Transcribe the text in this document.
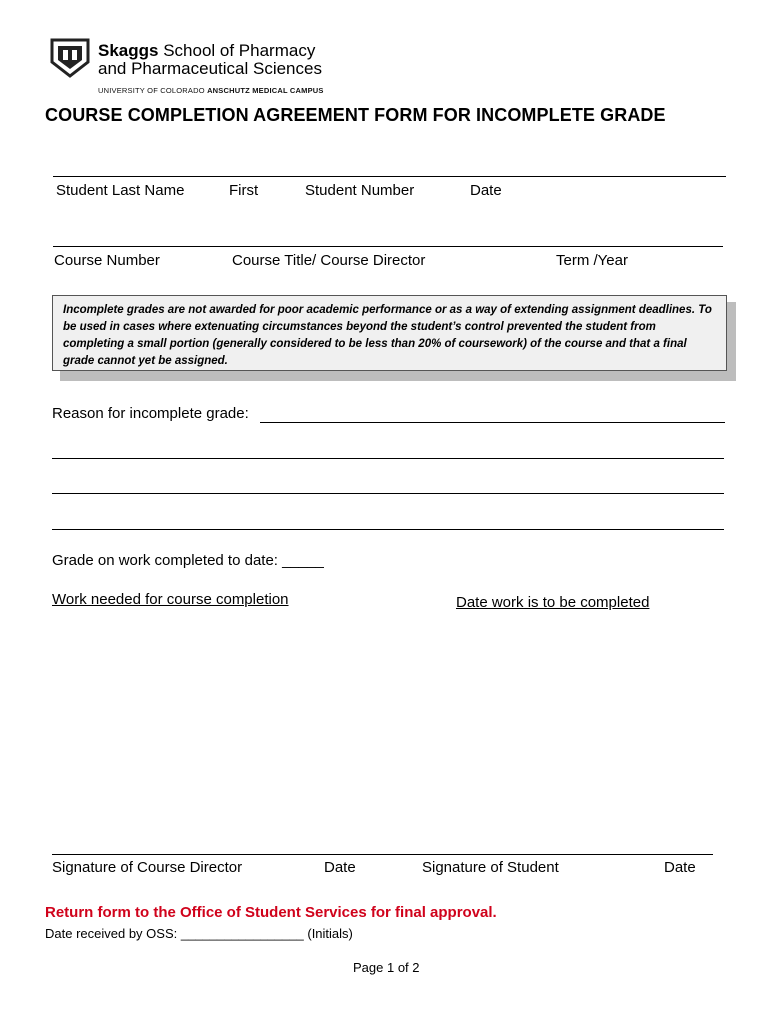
Skaggs School of Pharmacy
and Pharmaceutical Sciences
UNIVERSITY OF COLORADO ANSCHUTZ MEDICAL CAMPUS
COURSE COMPLETION AGREEMENT FORM FOR INCOMPLETE GRADE
Student Last Name	First	Student Number	Date
Course Number	Course Title/ Course Director	Term /Year
Incomplete grades are not awarded for poor academic performance or as a way of extending assignment deadlines. To be used in cases where extenuating circumstances beyond the student’s control prevented the student from completing a small portion (generally considered to be less than 20% of coursework) of the course and that a final grade cannot yet be assigned.
Reason for incomplete grade:
Grade on work completed to date: _____
Work needed for course completion	Date work is to be completed
Signature of Course Director	Date	Signature of Student	Date
Return form to the Office of Student Services for final approval.
Date received by OSS: _________________ (Initials)
Page 1 of 2
